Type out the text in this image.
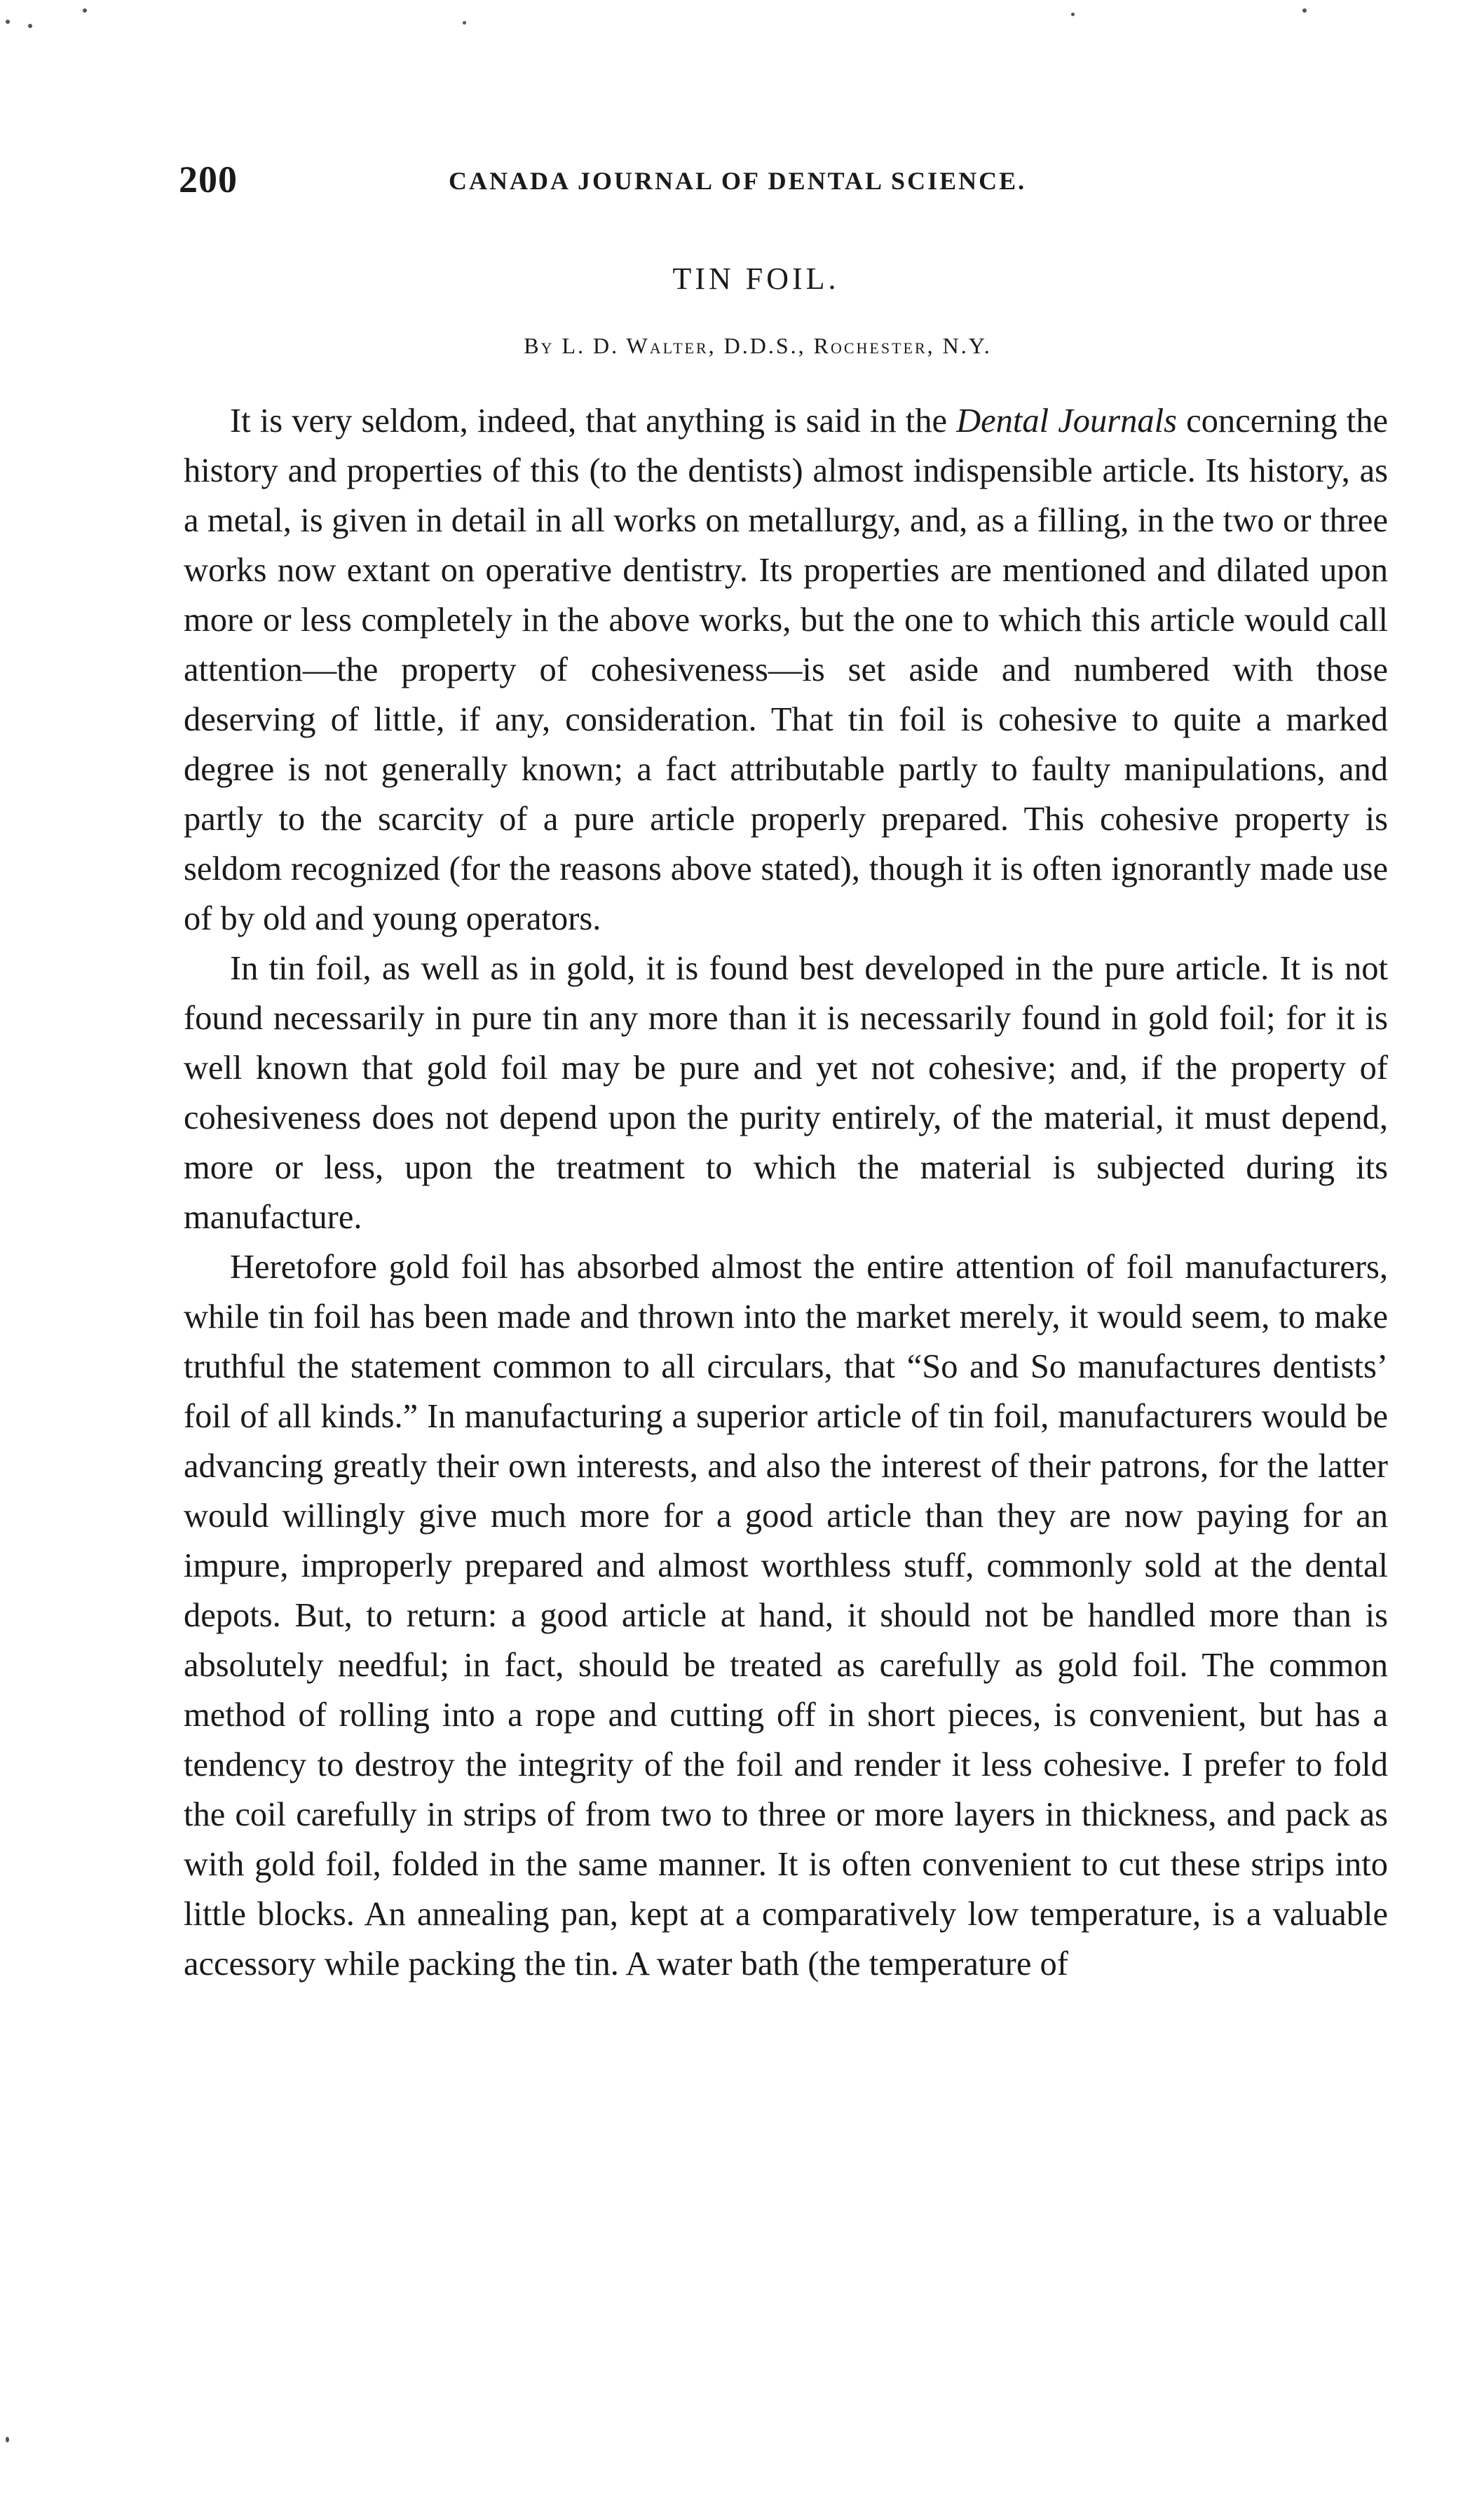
200	CANADA JOURNAL OF DENTAL SCIENCE.
TIN FOIL.
By L. D. Walter, D.D.S., Rochester, N.Y.

It is very seldom, indeed, that anything is said in the Dental Journals concerning the history and properties of this (to the dentists) almost indispensible article. Its history, as a metal, is given in detail in all works on metallurgy, and, as a filling, in the two or three works now extant on operative dentistry. Its properties are mentioned and dilated upon more or less completely in the above works, but the one to which this article would call attention—the property of cohesiveness—is set aside and numbered with those deserving of little, if any, consideration. That tin foil is cohesive to quite a marked degree is not generally known; a fact attributable partly to faulty manipulations, and partly to the scarcity of a pure article properly prepared. This cohesive property is seldom recognized (for the reasons above stated), though it is often ignorantly made use of by old and young operators.

In tin foil, as well as in gold, it is found best developed in the pure article. It is not found necessarily in pure tin any more than it is necessarily found in gold foil; for it is well known that gold foil may be pure and yet not cohesive; and, if the property of cohesiveness does not depend upon the purity entirely, of the material, it must depend, more or less, upon the treatment to which the material is subjected during its manufacture.

Heretofore gold foil has absorbed almost the entire attention of foil manufacturers, while tin foil has been made and thrown into the market merely, it would seem, to make truthful the statement common to all circulars, that “So and So manufactures dentists’ foil of all kinds.” In manufacturing a superior article of tin foil, manufacturers would be advancing greatly their own interests, and also the interest of their patrons, for the latter would willingly give much more for a good article than they are now paying for an impure, improperly prepared and almost worthless stuff, commonly sold at the dental depots. But, to return: a good article at hand, it should not be handled more than is absolutely needful; in fact, should be treated as carefully as gold foil. The common method of rolling into a rope and cutting off in short pieces, is convenient, but has a tendency to destroy the integrity of the foil and render it less cohesive. I prefer to fold the coil carefully in strips of from two to three or more layers in thickness, and pack as with gold foil, folded in the same manner. It is often convenient to cut these strips into little blocks. An annealing pan, kept at a comparatively low temperature, is a valuable accessory while packing the tin. A water bath (the temperature of
